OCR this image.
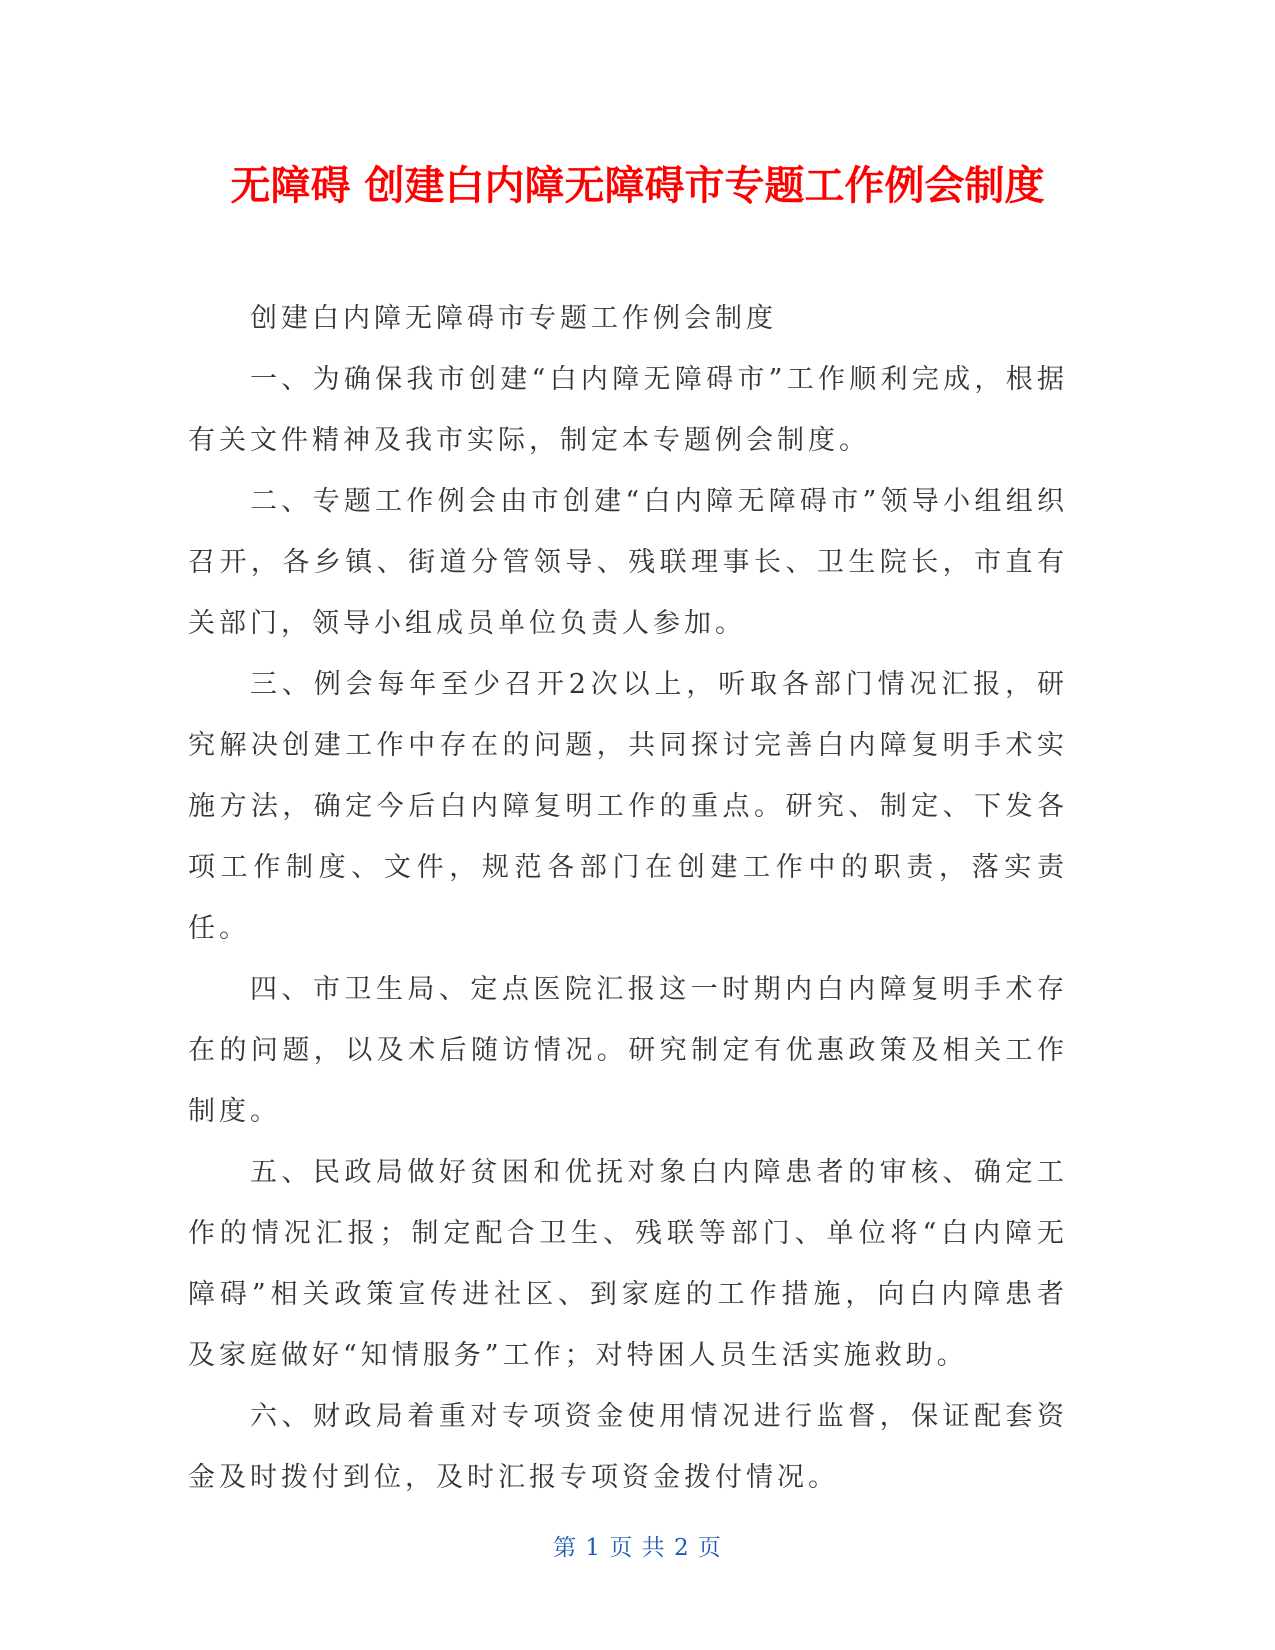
无障碍 创建白内障无障碍市专题工作例会制度

创建白内障无障碍市专题工作例会制度

一、为确保我市创建“白内障无障碍市”工作顺利完成，根据有关文件精神及我市实际，制定本专题例会制度。

二、专题工作例会由市创建“白内障无障碍市”领导小组组织召开，各乡镇、街道分管领导、残联理事长、卫生院长，市直有关部门，领导小组成员单位负责人参加。

三、例会每年至少召开2次以上，听取各部门情况汇报，研究解决创建工作中存在的问题，共同探讨完善白内障复明手术实施方法，确定今后白内障复明工作的重点。研究、制定、下发各项工作制度、文件，规范各部门在创建工作中的职责，落实责任。

四、市卫生局、定点医院汇报这一时期内白内障复明手术存在的问题，以及术后随访情况。研究制定有优惠政策及相关工作制度。

五、民政局做好贫困和优抚对象白内障患者的审核、确定工作的情况汇报；制定配合卫生、残联等部门、单位将“白内障无障碍”相关政策宣传进社区、到家庭的工作措施，向白内障患者及家庭做好“知情服务”工作；对特困人员生活实施救助。

六、财政局着重对专项资金使用情况进行监督，保证配套资金及时拨付到位，及时汇报专项资金拨付情况。

第 1 页 共 2 页
